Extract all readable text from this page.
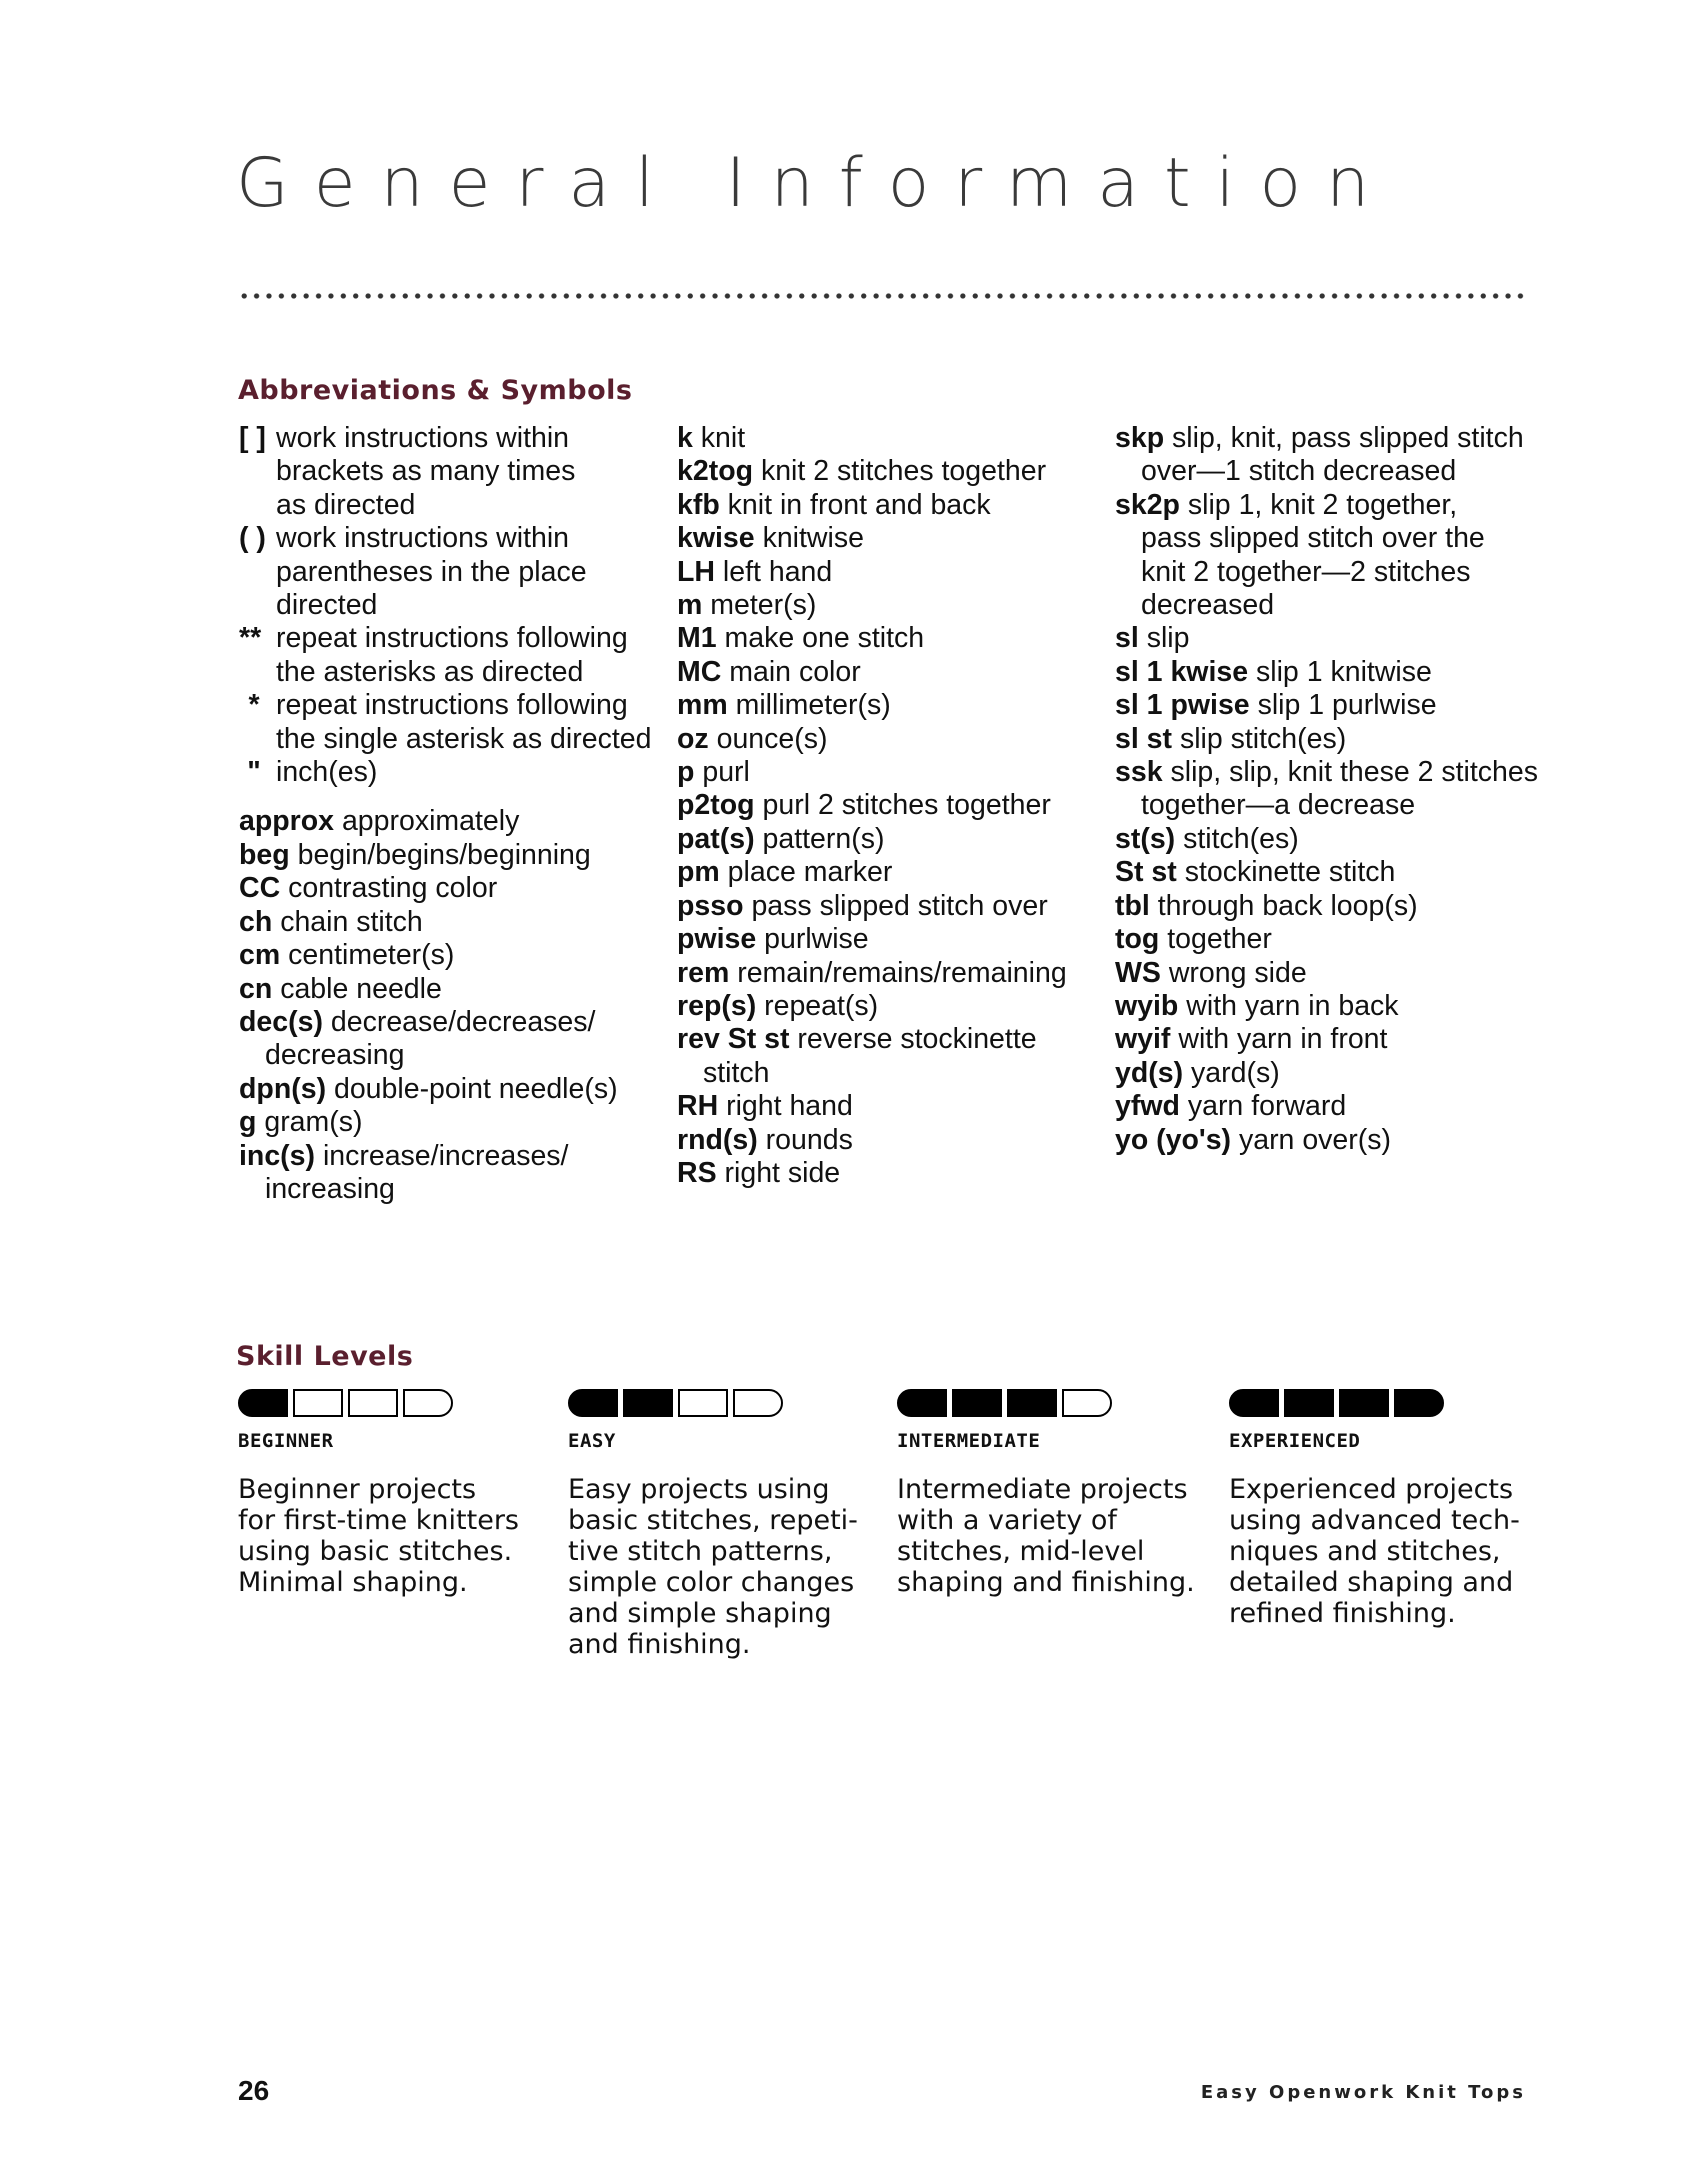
General Information
Abbreviations & Symbols
[ ] work instructions within
brackets as many times
as directed
( ) work instructions within
parentheses in the place
directed
** repeat instructions following
the asterisks as directed
* repeat instructions following
the single asterisk as directed
" inch(es)
approx approximately
beg begin/begins/beginning
CC contrasting color
ch chain stitch
cm centimeter(s)
cn cable needle
dec(s) decrease/decreases/
decreasing
dpn(s) double-point needle(s)
g gram(s)
inc(s) increase/increases/
increasing
k knit
k2tog knit 2 stitches together
kfb knit in front and back
kwise knitwise
LH left hand
m meter(s)
M1 make one stitch
MC main color
mm millimeter(s)
oz ounce(s)
p purl
p2tog purl 2 stitches together
pat(s) pattern(s)
pm place marker
psso pass slipped stitch over
pwise purlwise
rem remain/remains/remaining
rep(s) repeat(s)
rev St st reverse stockinette stitch
RH right hand
rnd(s) rounds
RS right side
skp slip, knit, pass slipped stitch
over—1 stitch decreased
sk2p slip 1, knit 2 together,
pass slipped stitch over the
knit 2 together—2 stitches
decreased
sl slip
sl 1 kwise slip 1 knitwise
sl 1 pwise slip 1 purlwise
sl st slip stitch(es)
ssk slip, slip, knit these 2 stitches
together—a decrease
st(s) stitch(es)
St st stockinette stitch
tbl through back loop(s)
tog together
WS wrong side
wyib with yarn in back
wyif with yarn in front
yd(s) yard(s)
yfwd yarn forward
yo (yo's) yarn over(s)
Skill Levels
BEGINNER
Beginner projects
for first-time knitters
using basic stitches.
Minimal shaping.
EASY
Easy projects using
basic stitches, repeti-
tive stitch patterns,
simple color changes
and simple shaping
and finishing.
INTERMEDIATE
Intermediate projects
with a variety of
stitches, mid-level
shaping and finishing.
EXPERIENCED
Experienced projects
using advanced tech-
niques and stitches,
detailed shaping and
refined finishing.
26	Easy Openwork Knit Tops
